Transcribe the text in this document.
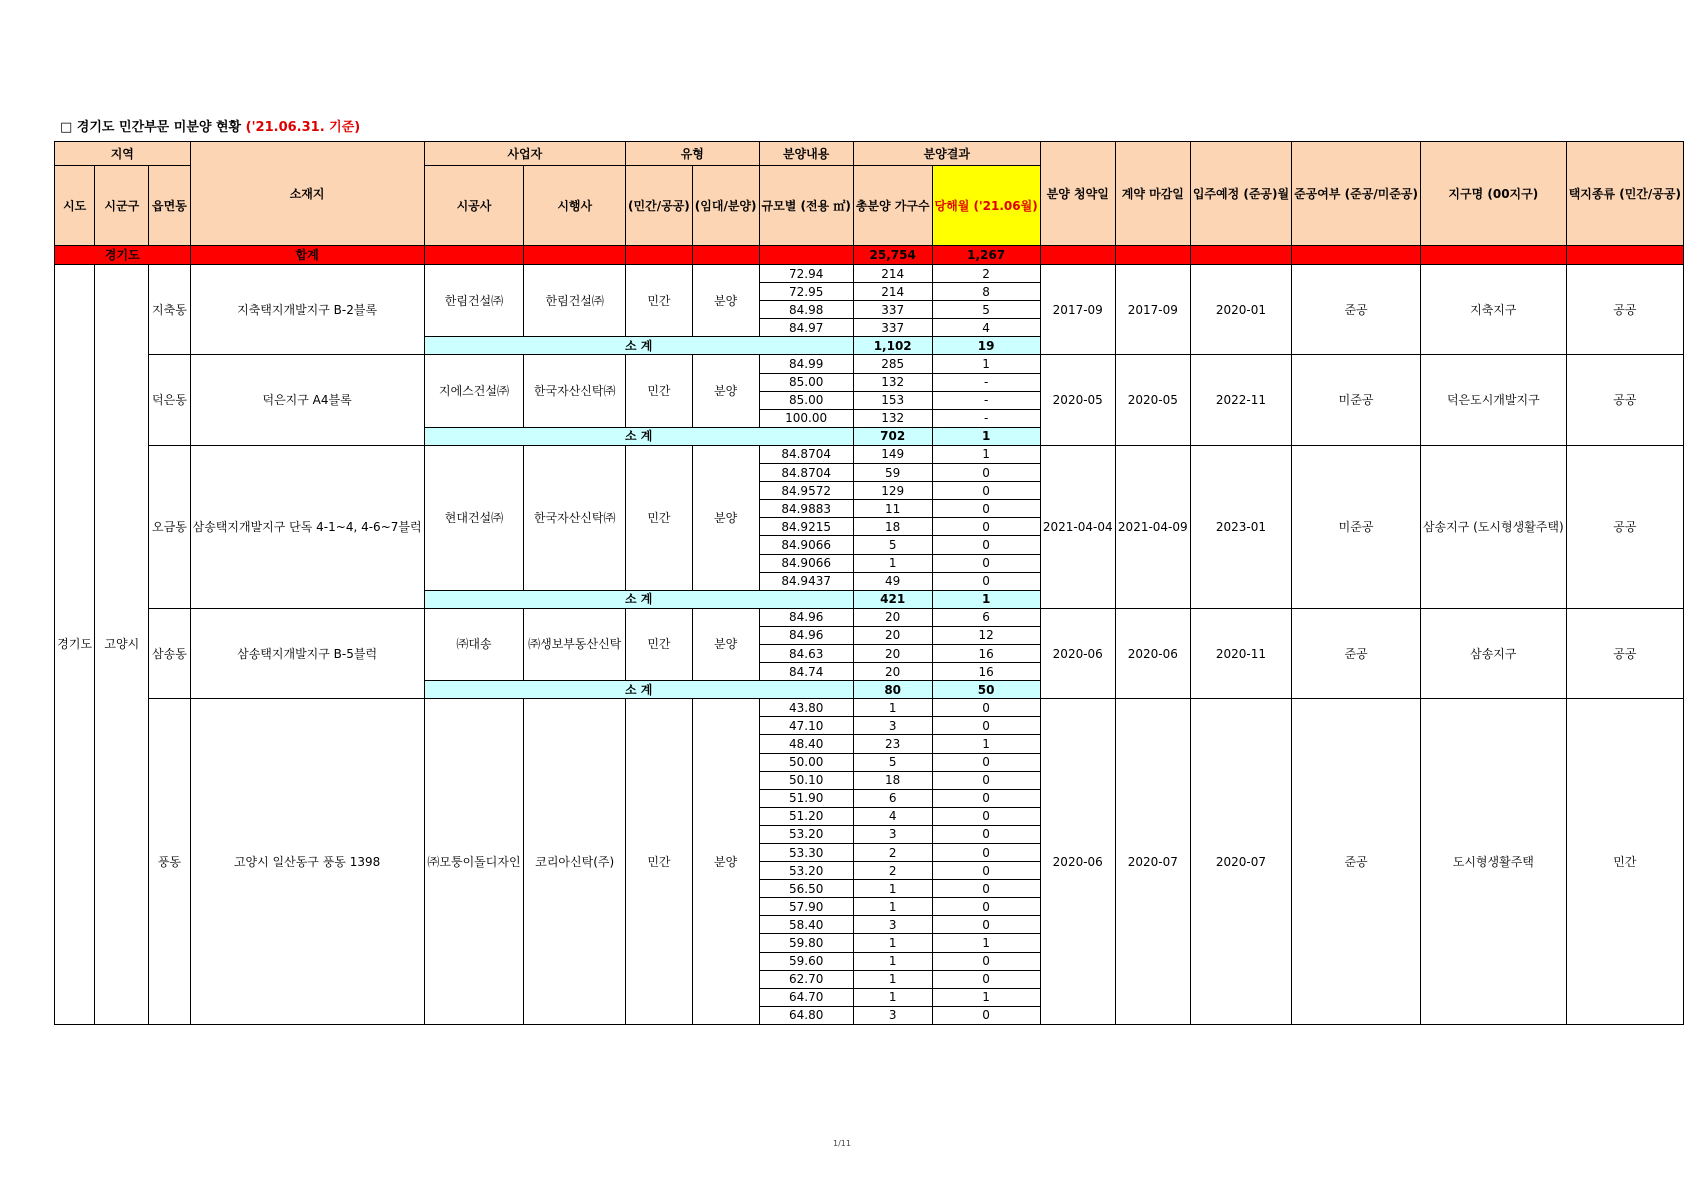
□ 경기도 민간부문 미분양 현황 ('21.06.31. 기준)
지역			소재지	사업자		유형		분양내용	분양결과		분양 청약일	계약 마감일	입주예정 (준공)월	준공여부 (준공/미준공)	지구명 (00지구)	택지종류 (민간/공공)
시도	시군구	읍면동		시공사	시행사	(민간/공공)	(임대/분양)	규모별 (전용 ㎡)	총분양 가구수	당해월 ('21.06월)						
경기도			합계						25,754	1,267						
경기도	고양시	지축동	지축택지개발지구 B-2블록	한림건설㈜	한림건설㈜	민간	분양	72.94	214	2	2017-09	2017-09	2020-01	준공	지축지구	공공
								72.95	214	8						
								84.98	337	5						
								84.97	337	4						
				소 계					1,102	19						
		덕은동	덕은지구 A4블록	지에스건설㈜	한국자산신탁㈜	민간	분양	84.99	285	1	2020-05	2020-05	2022-11	미준공	덕은도시개발지구	공공
								85.00	132	-						
								85.00	153	-						
								100.00	132	-						
				소 계					702	1						
		오금동	삼송택지개발지구 단독 4-1~4, 4-6~7블럭	현대건설㈜	한국자산신탁㈜	민간	분양	84.8704	149	1	2021-04-04	2021-04-09	2023-01	미준공	삼송지구 (도시형생활주택)	공공
								84.8704	59	0						
								84.9572	129	0						
								84.9883	11	0						
								84.9215	18	0						
								84.9066	5	0						
								84.9066	1	0						
								84.9437	49	0						
				소 계					421	1						
		삼송동	삼송택지개발지구 B-5블럭	㈜대송	㈜생보부동산신탁	민간	분양	84.96	20	6	2020-06	2020-06	2020-11	준공	삼송지구	공공
								84.96	20	12						
								84.63	20	16						
								84.74	20	16						
				소 계					80	50						
		풍동	고양시 일산동구 풍동 1398	㈜모퉁이돌디자인	코리아신탁(주)	민간	분양	43.80	1	0	2020-06	2020-07	2020-07	준공	도시형생활주택	민간
								47.10	3	0						
								48.40	23	1						
								50.00	5	0						
								50.10	18	0						
								51.90	6	0						
								51.20	4	0						
								53.20	3	0						
								53.30	2	0						
								53.20	2	0						
								56.50	1	0						
								57.90	1	0						
								58.40	3	0						
								59.80	1	1						
								59.60	1	0						
								62.70	1	0						
								64.70	1	1						
								64.80	3	0						
1/11
